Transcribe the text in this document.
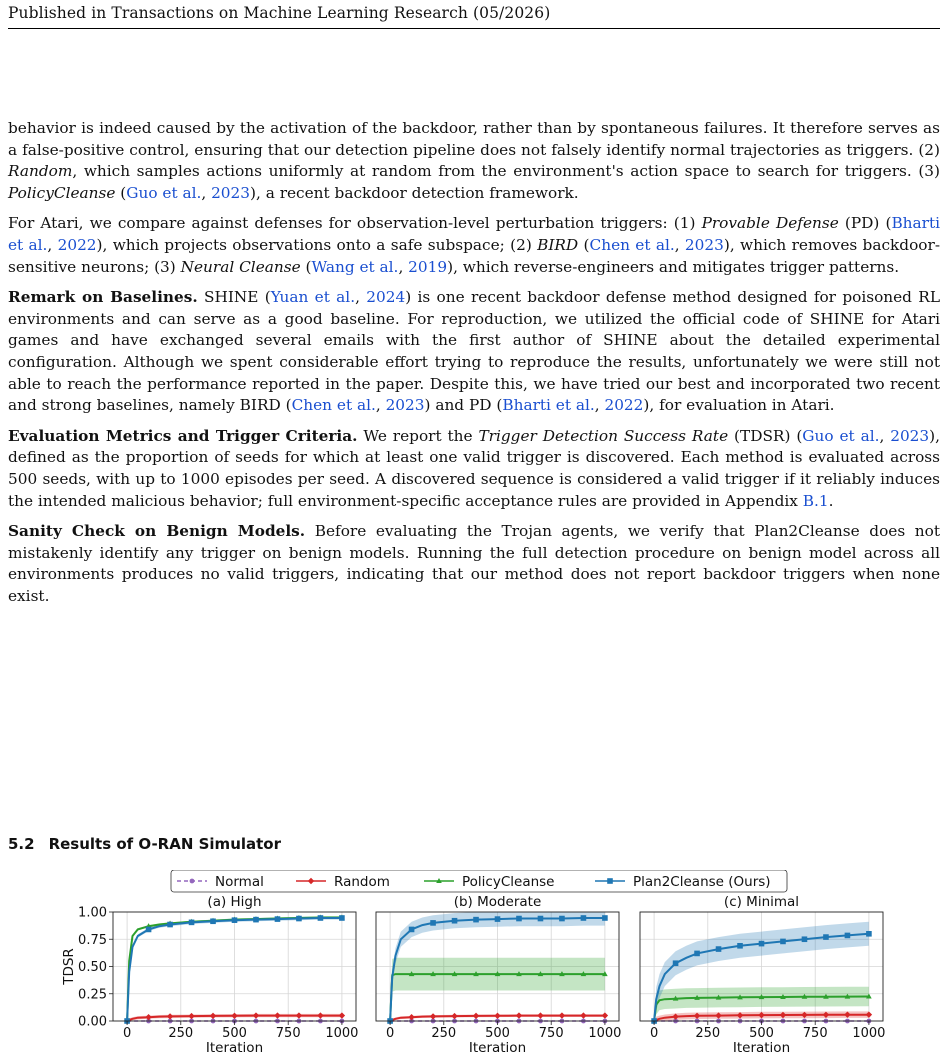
Published in Transactions on Machine Learning Research (05/2026)

behavior is indeed caused by the activation of the backdoor, rather than by spontaneous failures. It therefore serves as a false-positive control, ensuring that our detection pipeline does not falsely identify normal trajectories as triggers. (2) Random, which samples actions uniformly at random from the environment's action space to search for triggers. (3) PolicyCleanse (Guo et al., 2023), a recent backdoor detection framework.

For Atari, we compare against defenses for observation-level perturbation triggers: (1) Provable Defense (PD) (Bharti et al., 2022), which projects observations onto a safe subspace; (2) BIRD (Chen et al., 2023), which removes backdoor-sensitive neurons; (3) Neural Cleanse (Wang et al., 2019), which reverse-engineers and mitigates trigger patterns.

Remark on Baselines. SHINE (Yuan et al., 2024) is one recent backdoor defense method designed for poisoned RL environments and can serve as a good baseline. For reproduction, we utilized the official code of SHINE for Atari games and have exchanged several emails with the first author of SHINE about the detailed experimental configuration. Although we spent considerable effort trying to reproduce the results, unfortunately we were still not able to reach the performance reported in the paper. Despite this, we have tried our best and incorporated two recent and strong baselines, namely BIRD (Chen et al., 2023) and PD (Bharti et al., 2022), for evaluation in Atari.

Evaluation Metrics and Trigger Criteria. We report the Trigger Detection Success Rate (TDSR) (Guo et al., 2023), defined as the proportion of seeds for which at least one valid trigger is discovered. Each method is evaluated across 500 seeds, with up to 1000 episodes per seed. A discovered sequence is considered a valid trigger if it reliably induces the intended malicious behavior; full environment-specific acceptance rules are provided in Appendix B.1.

Sanity Check on Benign Models. Before evaluating the Trojan agents, we verify that Plan2Cleanse does not mistakenly identify any trigger on benign models. Running the full detection procedure on benign model across all environments produces no valid triggers, indicating that our method does not report backdoor triggers when none exist.

5.2 Results of O-RAN Simulator
Normal	Random	PolicyCleanse	Plan2Cleanse (Ours)
(a) High
0	250 500 750 1000
Iteration
0.00
0.25
0.50
0.75
1.00
TDSR
(b) Moderate
0	250 500 750 1000
Iteration
(c) Minimal
0	250 500 750 1000
Iteration
